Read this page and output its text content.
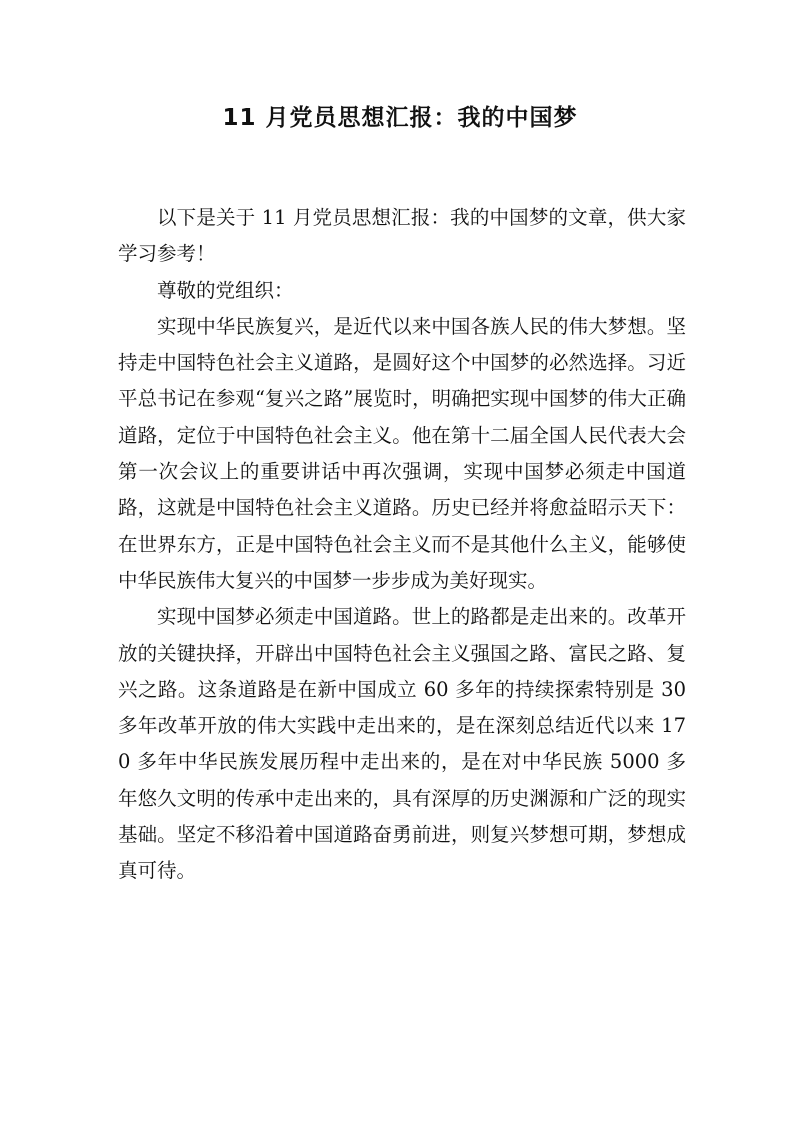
11 月党员思想汇报：我的中国梦

以下是关于 11 月党员思想汇报：我的中国梦的文章，供大家学习参考！

尊敬的党组织：

实现中华民族复兴，是近代以来中国各族人民的伟大梦想。坚持走中国特色社会主义道路，是圆好这个中国梦的必然选择。习近平总书记在参观“复兴之路”展览时，明确把实现中国梦的伟大正确道路，定位于中国特色社会主义。他在第十二届全国人民代表大会第一次会议上的重要讲话中再次强调，实现中国梦必须走中国道路，这就是中国特色社会主义道路。历史已经并将愈益昭示天下：在世界东方，正是中国特色社会主义而不是其他什么主义，能够使中华民族伟大复兴的中国梦一步步成为美好现实。

实现中国梦必须走中国道路。世上的路都是走出来的。改革开放的关键抉择，开辟出中国特色社会主义强国之路、富民之路、复兴之路。这条道路是在新中国成立 60 多年的持续探索特别是 30 多年改革开放的伟大实践中走出来的，是在深刻总结近代以来 170 多年中华民族发展历程中走出来的，是在对中华民族 5000 多年悠久文明的传承中走出来的，具有深厚的历史渊源和广泛的现实基础。坚定不移沿着中国道路奋勇前进，则复兴梦想可期，梦想成真可待。
